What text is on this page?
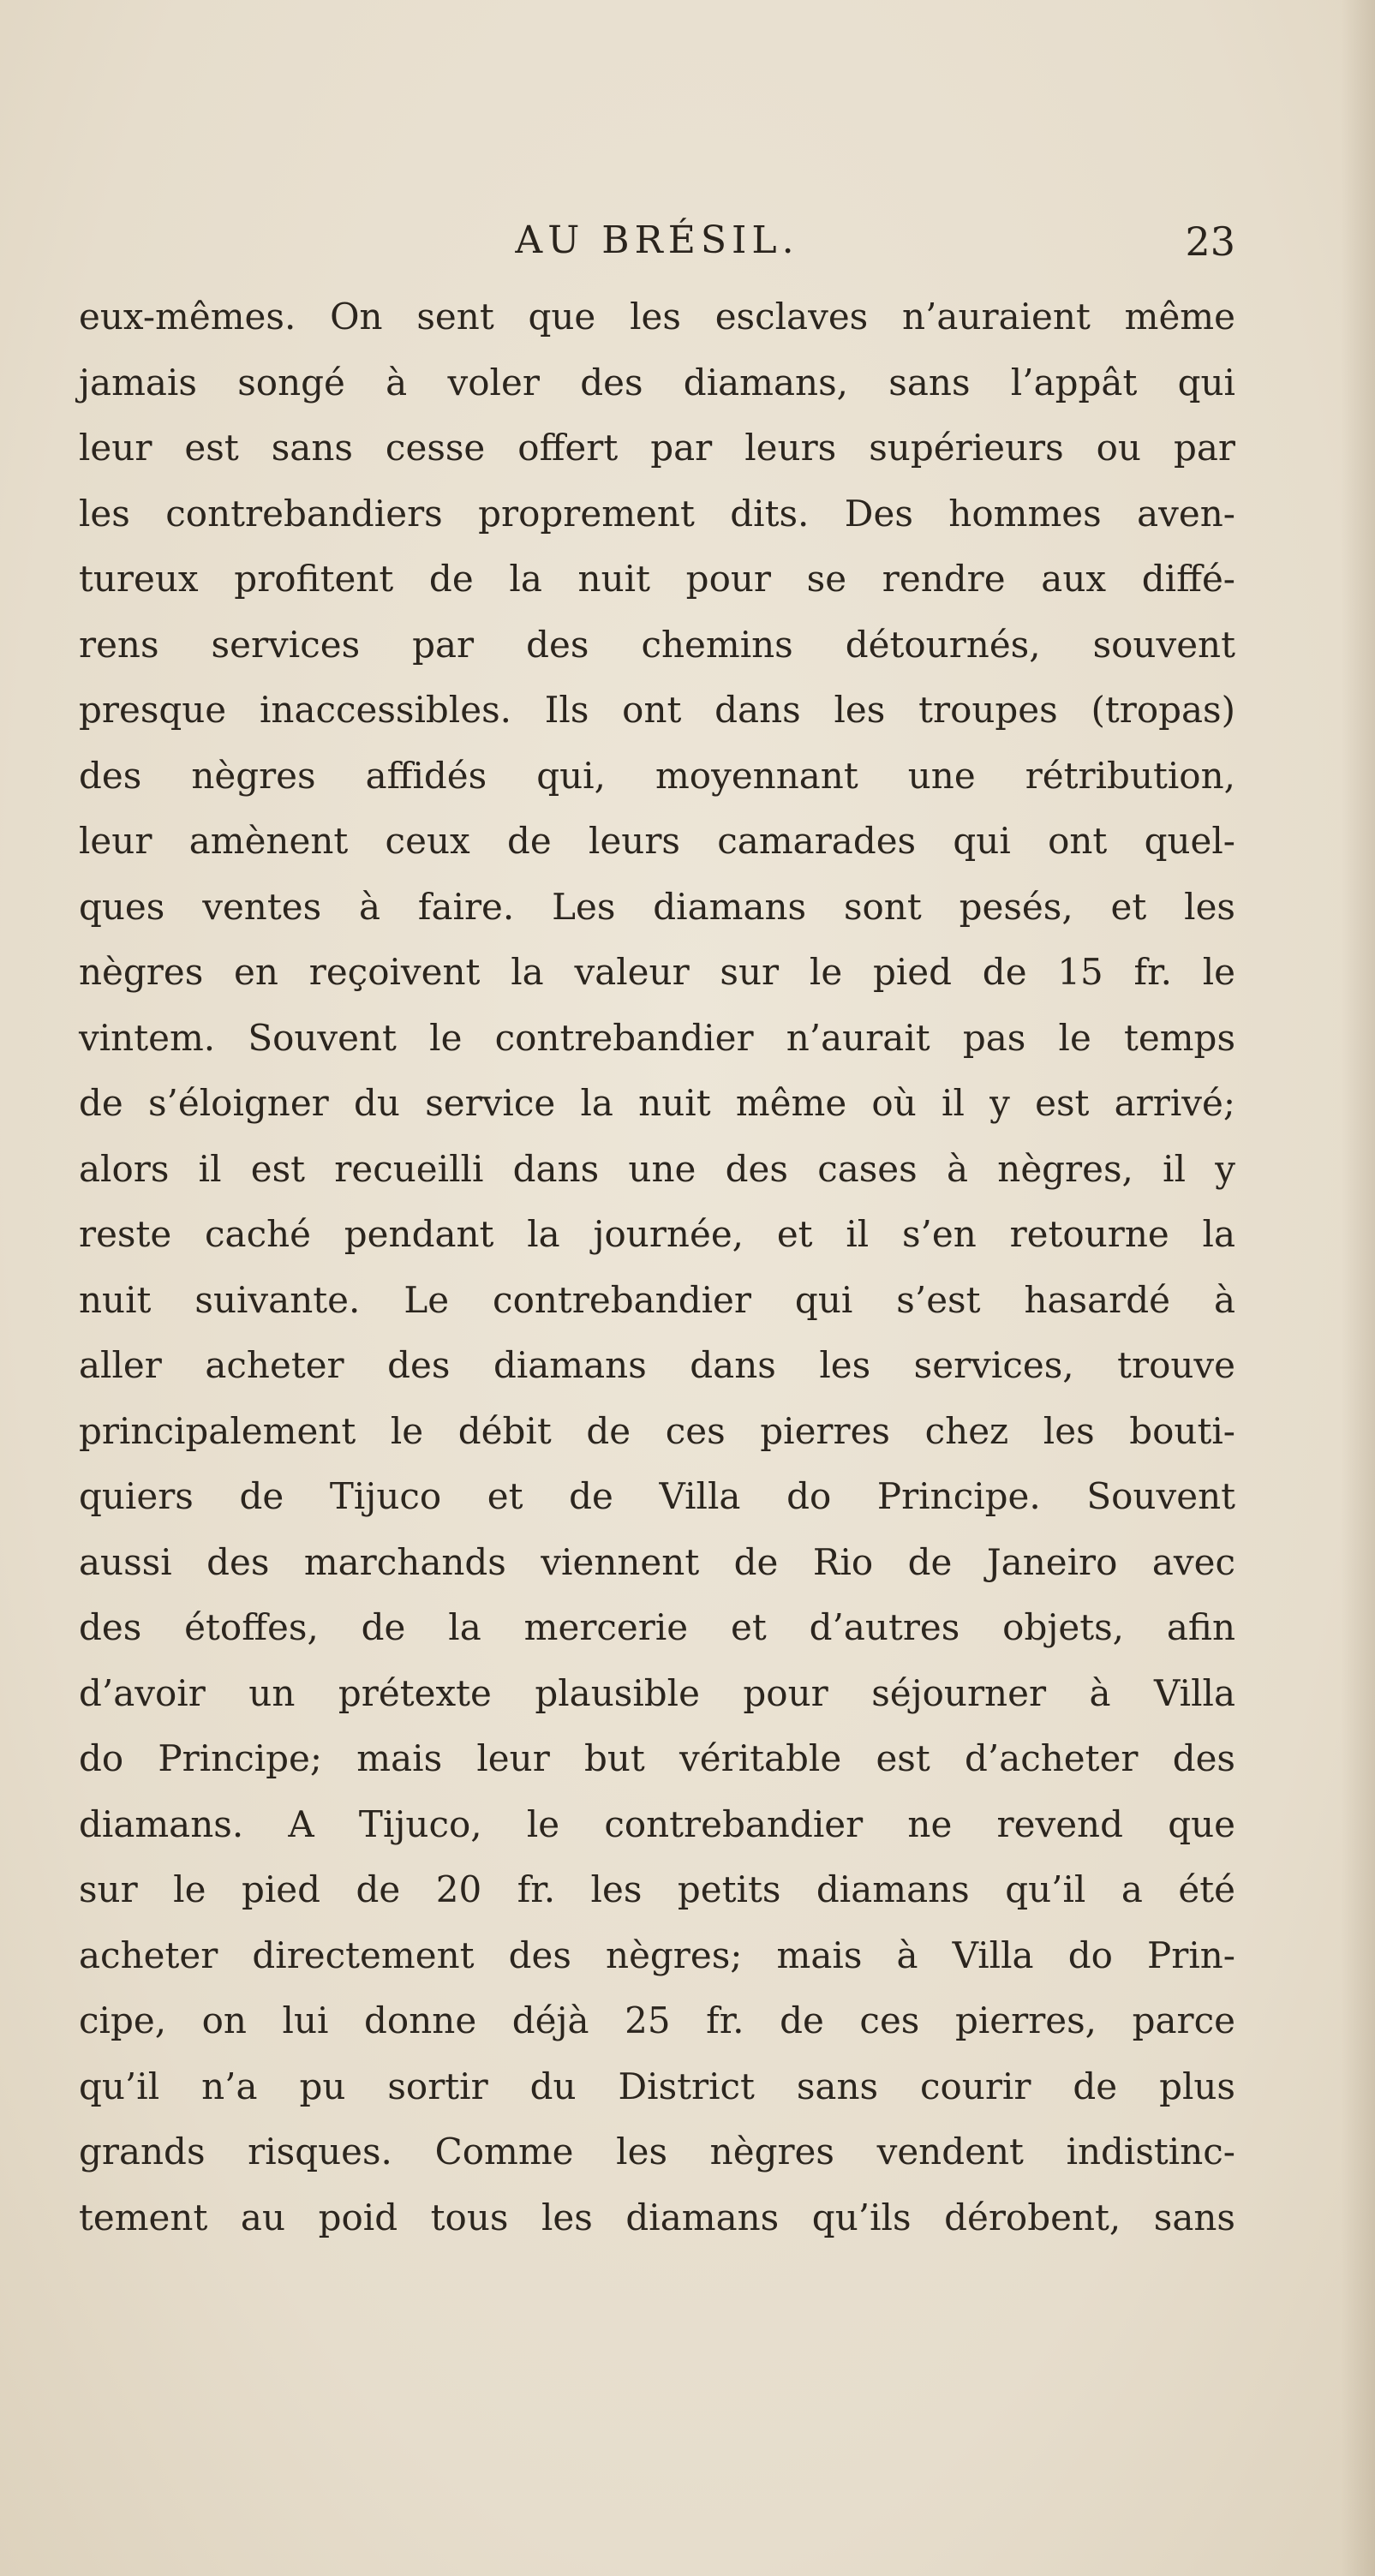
AU BRÉSIL.	23
eux-mêmes. On sent que les esclaves n’auraient même
jamais songé à voler des diamans, sans l’appât qui
leur est sans cesse offert par leurs supérieurs ou par
les contrebandiers proprement dits. Des hommes aven-
tureux profitent de la nuit pour se rendre aux diffé-
rens services par des chemins détournés, souvent
presque inaccessibles. Ils ont dans les troupes (tropas)
des nègres affidés qui, moyennant une rétribution,
leur amènent ceux de leurs camarades qui ont quel-
ques ventes à faire. Les diamans sont pesés, et les
nègres en reçoivent la valeur sur le pied de 15 fr. le
vintem. Souvent le contrebandier n’aurait pas le temps
de s’éloigner du service la nuit même où il y est arrivé;
alors il est recueilli dans une des cases à nègres, il y
reste caché pendant la journée, et il s’en retourne la
nuit suivante. Le contrebandier qui s’est hasardé à
aller acheter des diamans dans les services, trouve
principalement le débit de ces pierres chez les bouti-
quiers de Tijuco et de Villa do Principe. Souvent
aussi des marchands viennent de Rio de Janeiro avec
des étoffes, de la mercerie et d’autres objets, afin
d’avoir un prétexte plausible pour séjourner à Villa
do Principe; mais leur but véritable est d’acheter des
diamans. A Tijuco, le contrebandier ne revend que
sur le pied de 20 fr. les petits diamans qu’il a été
acheter directement des nègres; mais à Villa do Prin-
cipe, on lui donne déjà 25 fr. de ces pierres, parce
qu’il n’a pu sortir du District sans courir de plus
grands risques. Comme les nègres vendent indistinc-
tement au poid tous les diamans qu’ils dérobent, sans
